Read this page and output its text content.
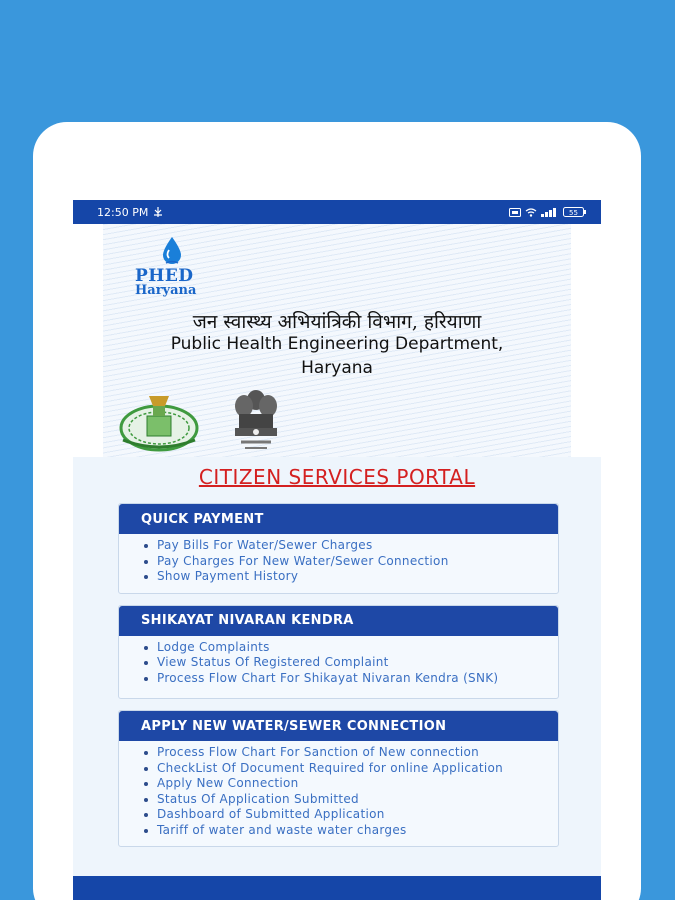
12:50 PM	55
PHED
Haryana
जन स्वास्थ्य अभियांत्रिकी विभाग, हरियाणा
Public Health Engineering Department,
Haryana
CITIZEN SERVICES PORTAL
QUICK PAYMENT
Pay Bills For Water/Sewer Charges
Pay Charges For New Water/Sewer Connection
Show Payment History
SHIKAYAT NIVARAN KENDRA
Lodge Complaints
View Status Of Registered Complaint
Process Flow Chart For Shikayat Nivaran Kendra (SNK)
APPLY NEW WATER/SEWER CONNECTION
Process Flow Chart For Sanction of New connection
CheckList Of Document Required for online Application
Apply New Connection
Status Of Application Submitted
Dashboard of Submitted Application
Tariff of water and waste water charges
